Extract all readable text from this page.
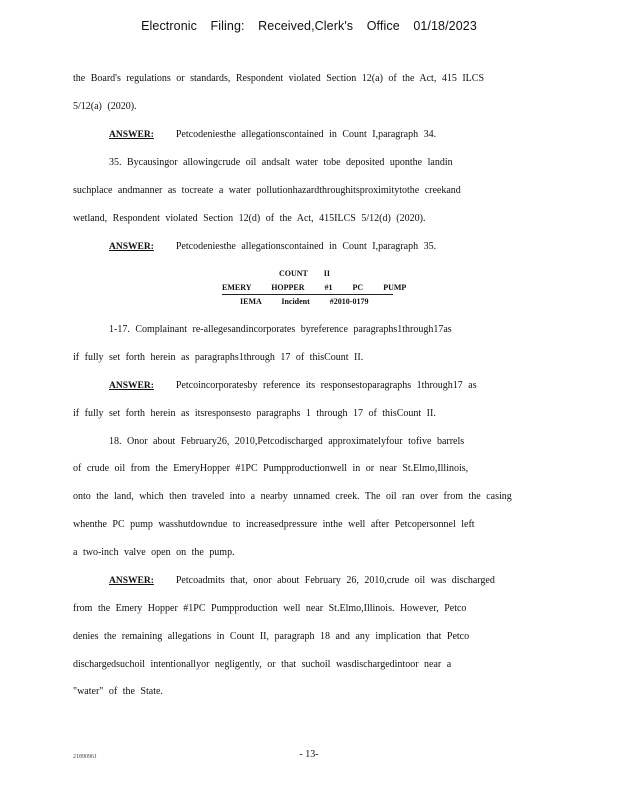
Electronic Filing: Received,Clerk's Office 01/18/2023
the Board's regulations or standards, Respondent violated Section 12(a) of the Act, 415 ILCS
5/12(a) (2020).
ANSWER: Petcodeniesthe allegationscontained in Count I,paragraph 34.
35. Bycausingor allowingcrude oil andsalt water tobe deposited uponthe landin
suchplace andmanner as tocreate a water pollutionhazardthroughitsproximitytothe creekand
wetland, Respondent violated Section 12(d) of the Act, 415ILCS 5/12(d) (2020).
ANSWER: Petcodeniesthe allegationscontained in Count I,paragraph 35.
COUNT II
EMERY HOPPER #1 PC PUMP
IEMA Incident #2010-0179
1-17. Complainant re-allegesandincorporates byreference paragraphs1through17as
if fully set forth herein as paragraphs1through 17 of thisCount II.
ANSWER: Petcoincorporatesby reference its responsestoparagraphs 1through17 as
if fully set forth herein as itsresponsesto paragraphs 1 through 17 of thisCount II.
18. Onor about February26, 2010,Petcodischarged approximatelyfour tofive barrels
of crude oil from the EmeryHopper #1PC Pumpproductionwell in or near St.Elmo,Illinois,
onto the land, which then traveled into a nearby unnamed creek. The oil ran over from the casing
whenthe PC pump wasshutdowndue to increasedpressure inthe well after Petcopersonnel left
a two-inch valve open on the pump.
ANSWER: Petcoadmits that, onor about February 26, 2010,crude oil was discharged
from the Emery Hopper #1PC Pumpproduction well near St.Elmo,Illinois. However, Petco
denies the remaining allegations in Count II, paragraph 18 and any implication that Petco
dischargedsuchoil intentionallyor negligently, or that suchoil wasdischargedintoor near a
"water" of the State.
21890961	- 13-
